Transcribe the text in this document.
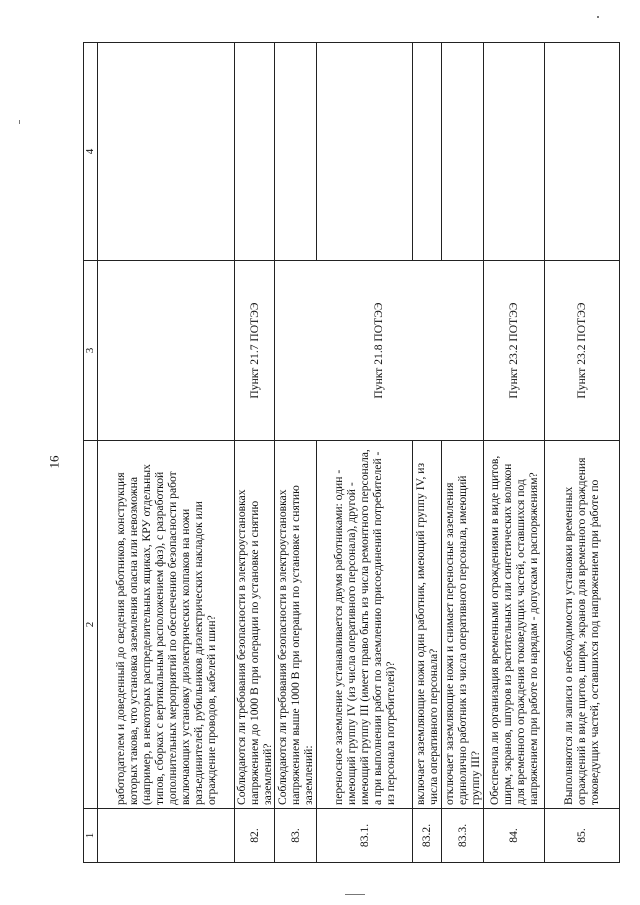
16
1	2	3	4
	работодателем и доведенный до сведения работников, конструкция которых такова, что установка заземления опасна или невозможна (например, в некоторых распределительных ящиках, КРУ отдельных типов, сборках с вертикальным расположением фаз), с разработкой дополнительных мероприятий по обеспечению безопасности работ включающих установку диэлектрических колпаков на ножи разъединителей, рубильников диэлектрических накладок или ограждение проводов, кабелей и шин?		
82.	Соблюдаются ли требования безопасности в электроустановках напряжением до 1000 В при операции по установке и снятию заземлений?	Пункт 21.7 ПОТЭЭ	
83.	Соблюдаются ли требования безопасности в электроустановках напряжением выше 1000 В при операции по установке и снятию заземлений:	Пункт 21.8 ПОТЭЭ	
83.1.	переносное заземление устанавливается двумя работниками: один - имеющий группу IV (из числа оперативного персонала), другой - имеющий группу III (имеет право быть из числа ремонтного персонала, а при выполнении работ по заземлению присоединений потребителей - из персонала потребителей)?		
83.2.	включает заземляющие ножи один работник, имеющий группу IV, из числа оперативного персонала?		
83.3.	отключает заземляющие ножи и снимает переносные заземления единолично работник из числа оперативного персонала, имеющий группу III?		
84.	Обеспечила ли организация временными ограждениями в виде щитов, ширм, экранов, шпуров из растительных или синтетических волокон для временного ограждения токоведущих частей, оставшихся под напряжением при работе по нарядам - допускам и распоряжениям?	Пункт 23.2 ПОТЭЭ	
85.	Выполняются ли записи о необходимости установки временных ограждений в виде щитов, ширм, экранов для временного ограждения токоведущих частей, оставшихся под напряжением при работе по	Пункт 23.2 ПОТЭЭ	
